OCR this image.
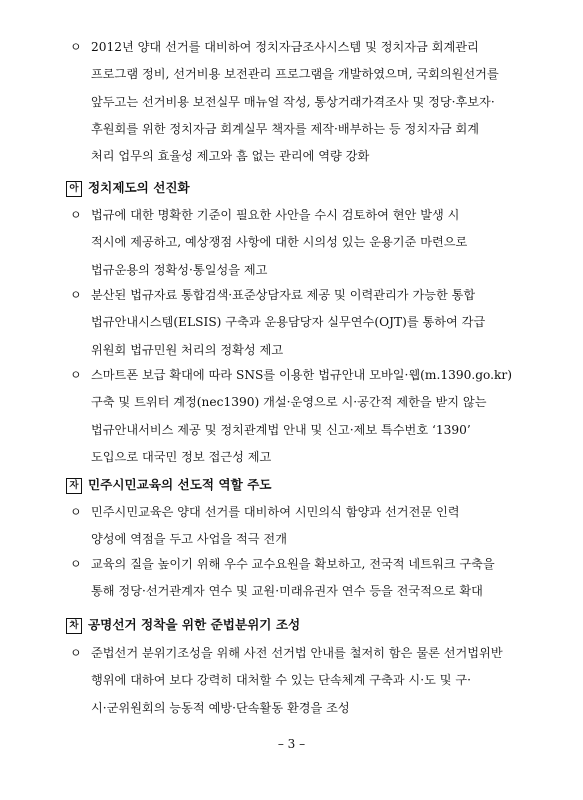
ㅇ 2012년 양대 선거를 대비하여 정치자금조사시스템 및 정치자금 회계관리
프로그램 정비, 선거비용 보전관리 프로그램을 개발하였으며, 국회의원선거를
앞두고는 선거비용 보전실무 매뉴얼 작성, 통상거래가격조사 및 정당·후보자·
후원회를 위한 정치자금 회계실무 책자를 제작·배부하는 등 정치자금 회계
처리 업무의 효율성 제고와 흠 없는 관리에 역량 강화
아 정치제도의 선진화
ㅇ 법규에 대한 명확한 기준이 필요한 사안을 수시 검토하여 현안 발생 시
적시에 제공하고, 예상쟁점 사항에 대한 시의성 있는 운용기준 마련으로
법규운용의 정확성·통일성을 제고
ㅇ 분산된 법규자료 통합검색·표준상담자료 제공 및 이력관리가 가능한 통합
법규안내시스템(ELSIS) 구축과 운용담당자 실무연수(OJT)를 통하여 각급
위원회 법규민원 처리의 정확성 제고
ㅇ 스마트폰 보급 확대에 따라 SNS를 이용한 법규안내 모바일·웹(m.1390.go.kr)
구축 및 트위터 계정(nec1390) 개설·운영으로 시·공간적 제한을 받지 않는
법규안내서비스 제공 및 정치관계법 안내 및 신고·제보 특수번호 ‘1390’
도입으로 대국민 정보 접근성 제고
자 민주시민교육의 선도적 역할 주도
ㅇ 민주시민교육은 양대 선거를 대비하여 시민의식 함양과 선거전문 인력
양성에 역점을 두고 사업을 적극 전개
ㅇ 교육의 질을 높이기 위해 우수 교수요원을 확보하고, 전국적 네트워크 구축을
통해 정당·선거관계자 연수 및 교원·미래유권자 연수 등을 전국적으로 확대
차 공명선거 정착을 위한 준법분위기 조성
ㅇ 준법선거 분위기조성을 위해 사전 선거법 안내를 철저히 함은 물론 선거법위반
행위에 대하여 보다 강력히 대처할 수 있는 단속체계 구축과 시·도 및 구·
시·군위원회의 능동적 예방·단속활동 환경을 조성
– 3 –
